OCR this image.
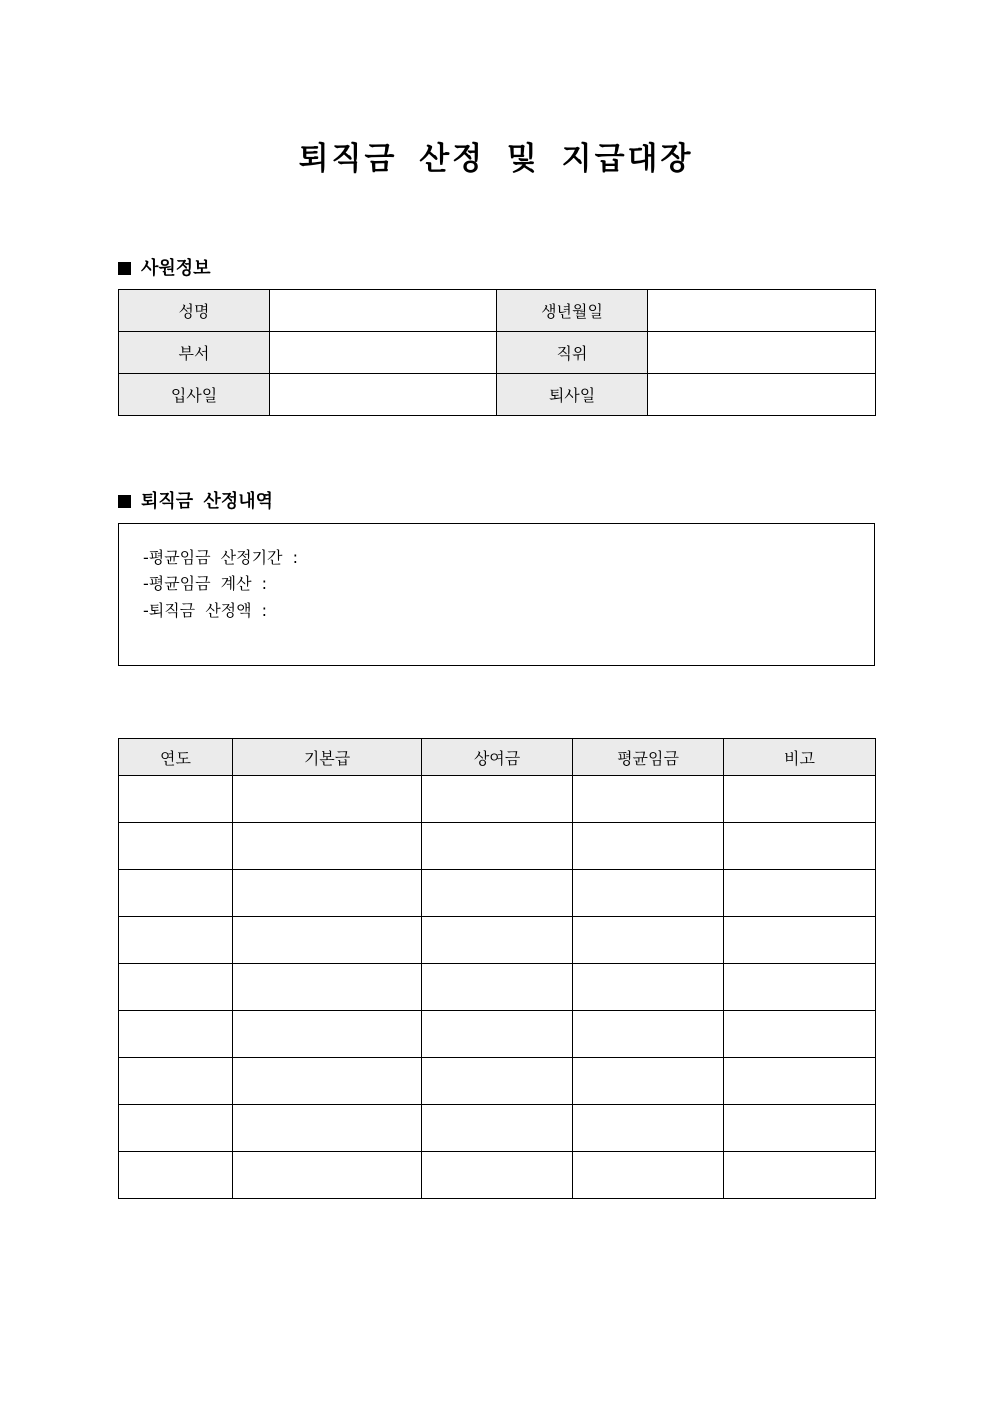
퇴직금 산정 및 지급대장
사원정보
성명		생년월일	
부서		직위	
입사일		퇴사일	
퇴직금 산정내역
-평균임금 산정기간 :
-평균임금 계산 :
-퇴직금 산정액 :
연도	기본급	상여금	평균임금	비고
